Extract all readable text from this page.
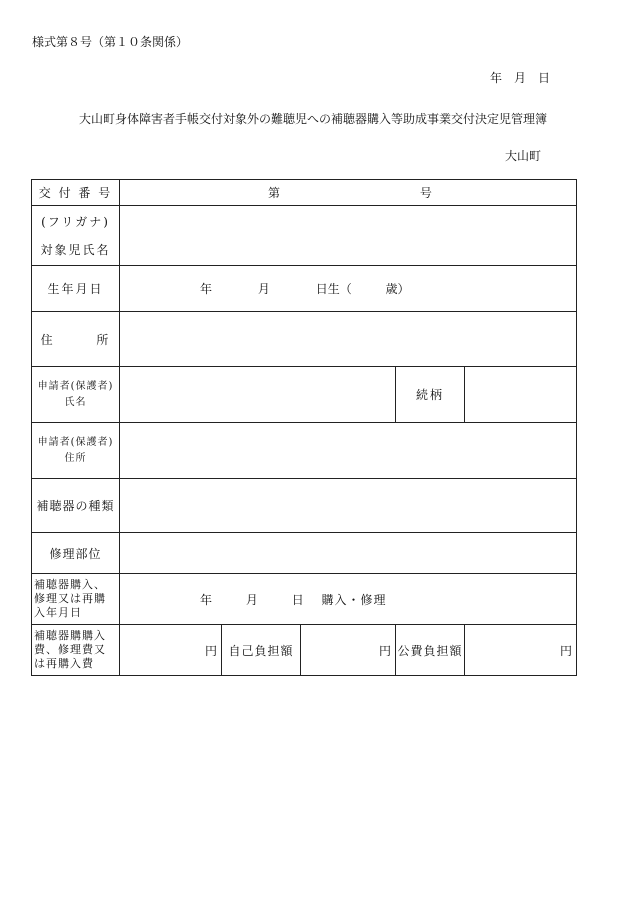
様式第８号（第１０条関係）
年　月　日
大山町身体障害者手帳交付対象外の難聴児への補聴器購入等助成事業交付決定児管理簿
大山町
交 付 番 号	第 号				

(フリガナ)
対象児氏名					

生年月日	年 月 日生（ 歳）				
住 所					

申請者(保護者)
氏名				続柄	

申請者(保護者)
住所					

補聴器の種類					
修理部位					

補聴器購入、
修理又は再購
入年月日	年 月 日 購入・修理				

補聴器購購入
費、修理費又
は再購入費	円	自己負担額	円	公費負担額	円
